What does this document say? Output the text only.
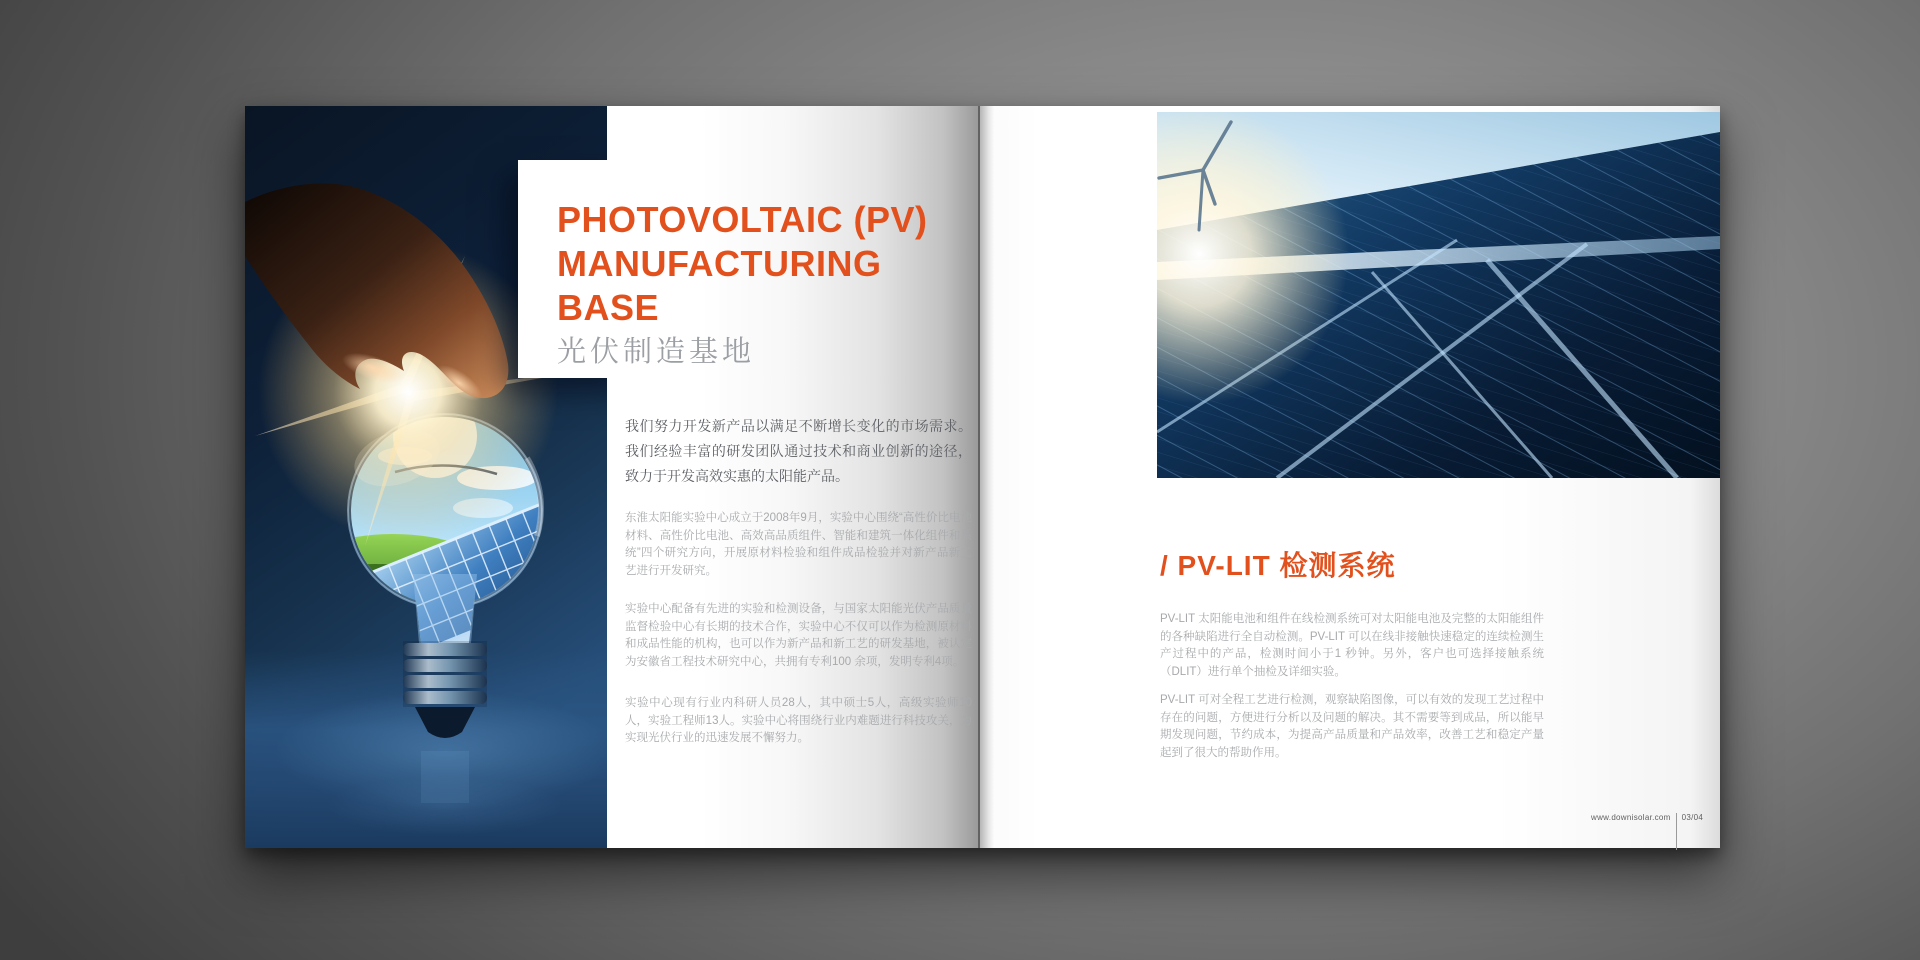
PHOTOVOLTAIC (PV)
MANUFACTURING
BASE
光伏制造基地

我们努力开发新产品以满足不断增长变化的市场需求。我们经验丰富的研发团队通过技术和商业创新的途径，致力于开发高效实惠的太阳能产品。

东淮太阳能实验中心成立于2008年9月，实验中心围绕“高性价比电池材料、高性价比电池、高效高品质组件、智能和建筑一体化组件和系统”四个研究方向，开展原材料检验和组件成品检验并对新产品新工艺进行开发研究。

实验中心配备有先进的实验和检测设备，与国家太阳能光伏产品质量监督检验中心有长期的技术合作，实验中心不仅可以作为检测原材料和成品性能的机构，也可以作为新产品和新工艺的研发基地，被认定为安徽省工程技术研究中心，共拥有专利100 余项，发明专利4项。

实验中心现有行业内科研人员28人，其中硕士5人，高级实验师10人，实验工程师13人。实验中心将围绕行业内难题进行科技攻关，为实现光伏行业的迅速发展不懈努力。

/ PV-LIT 检测系统

PV-LIT 太阳能电池和组件在线检测系统可对太阳能电池及完整的太阳能组件的各种缺陷进行全自动检测。PV-LIT 可以在线非接触快速稳定的连续检测生产过程中的产品，检测时间小于1 秒钟。另外，客户也可选择接触系统（DLIT）进行单个抽检及详细实验。

PV-LIT 可对全程工艺进行检测，观察缺陷图像，可以有效的发现工艺过程中存在的问题，方便进行分析以及问题的解决。其不需要等到成品，所以能早期发现问题，节约成本，为提高产品质量和产品效率，改善工艺和稳定产量起到了很大的帮助作用。

www.downisolar.com 03/04
